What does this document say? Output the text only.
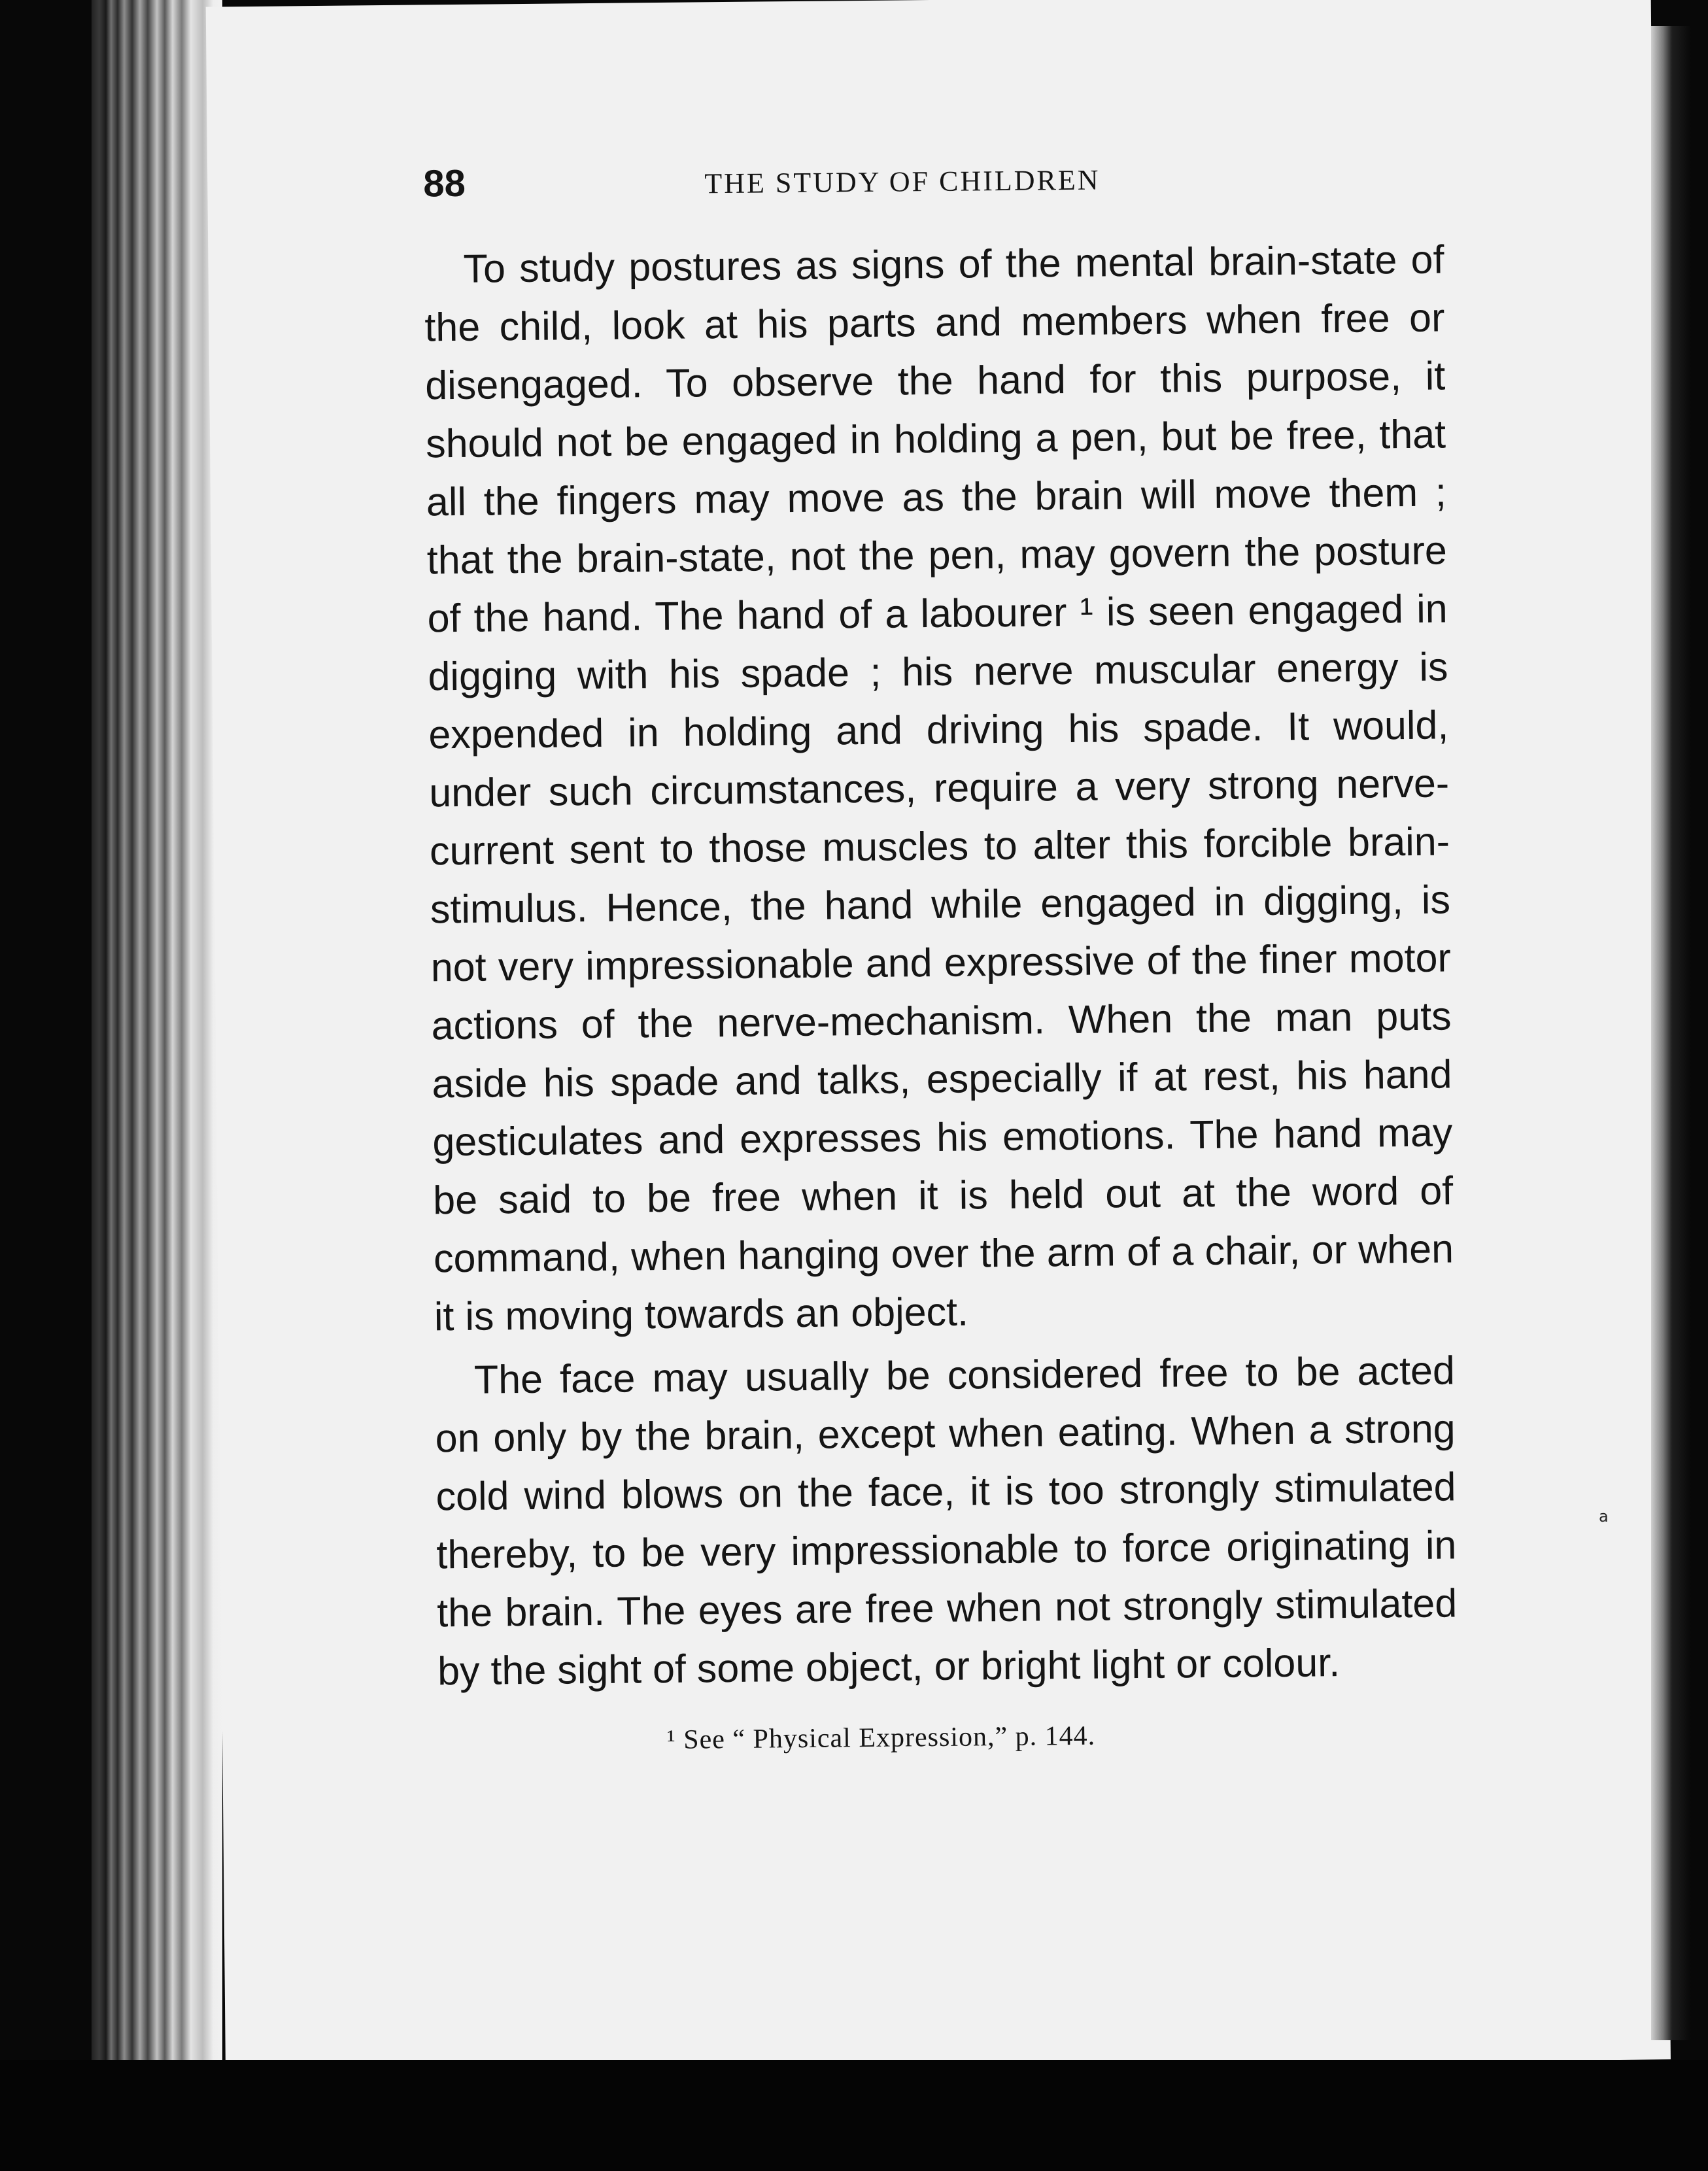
88	THE STUDY OF CHILDREN

To study postures as signs of the mental brain-state of the child, look at his parts and members when free or disengaged. To observe the hand for this purpose, it should not be engaged in holding a pen, but be free, that all the fingers may move as the brain will move them ; that the brain-state, not the pen, may govern the posture of the hand. The hand of a labourer ¹ is seen engaged in digging with his spade ; his nerve muscular energy is expended in holding and driving his spade. It would, under such circumstances, require a very strong nerve-current sent to those muscles to alter this forcible brain-stimulus. Hence, the hand while engaged in digging, is not very impressionable and expressive of the finer motor actions of the nerve-mechanism. When the man puts aside his spade and talks, especially if at rest, his hand gesticulates and expresses his emotions. The hand may be said to be free when it is held out at the word of command, when hanging over the arm of a chair, or when it is moving towards an object.

The face may usually be considered free to be acted on only by the brain, except when eating. When a strong cold wind blows on the face, it is too strongly stimulated thereby, to be very impressionable to force originating in the brain. The eyes are free when not strongly stimulated by the sight of some object, or bright light or colour.

¹ See “ Physical Expression,” p. 144.
a
